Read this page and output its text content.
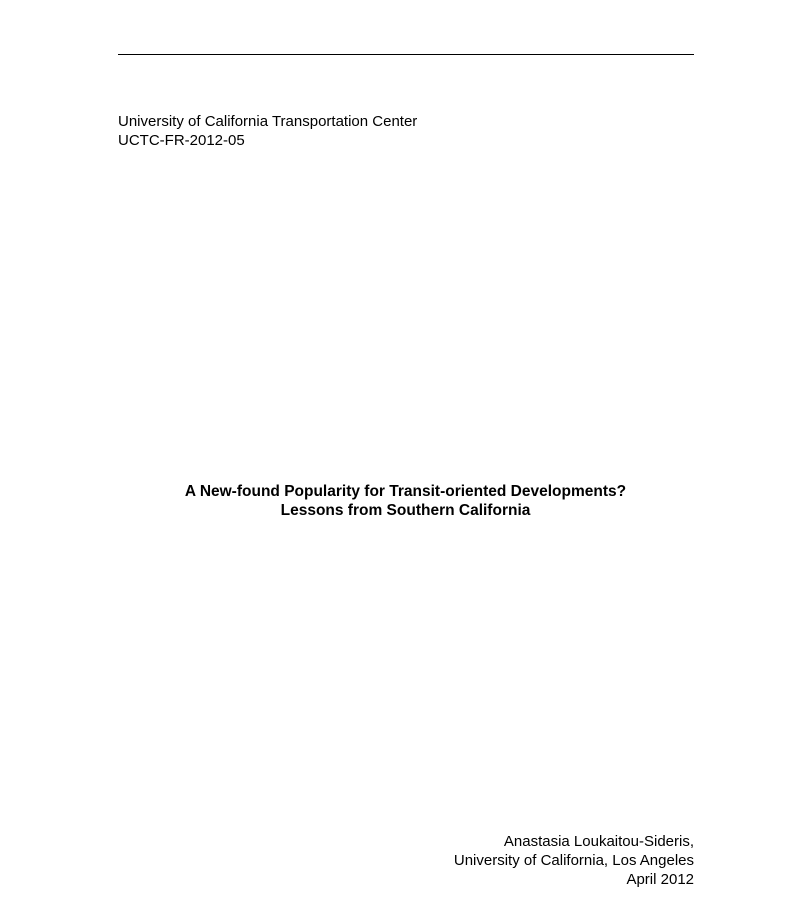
University of California Transportation Center
UCTC-FR-2012-05
A New-found Popularity for Transit-oriented Developments?
Lessons from Southern California
Anastasia Loukaitou-Sideris,
University of California, Los Angeles
April 2012
